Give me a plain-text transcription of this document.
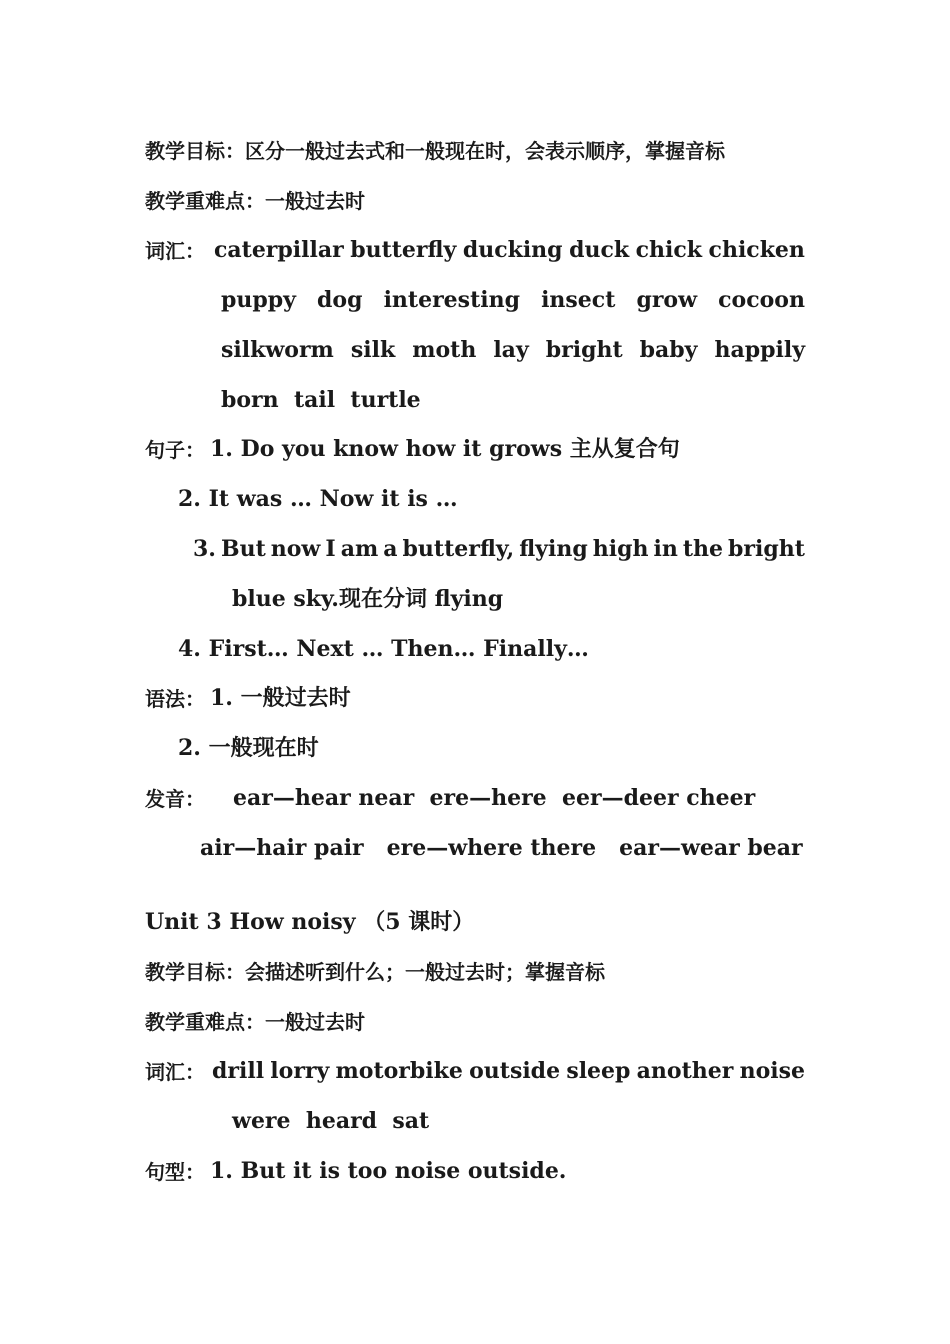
教学目标：区分一般过去式和一般现在时，会表示顺序，掌握音标
教学重难点：一般过去时
词汇： caterpillar butterfly ducking duck chick chicken
puppy dog interesting insect grow cocoon
silkworm silk moth lay bright baby happily
born  tail  turtle
句子： 1. Do you know how it grows 主从复合句
2. It was … Now it is …
3. But now I am a butterfly, flying high in the bright
blue sky.现在分词 flying
4. First… Next … Then… Finally…
语法： 1. 一般过去时
2. 一般现在时
发音： ear—hear near  ere—here  eer—deer cheer
air—hair pair   ere—where there   ear—wear bear
Unit 3 How noisy （5 课时）
教学目标：会描述听到什么；一般过去时；掌握音标
教学重难点：一般过去时
词汇： drill lorry motorbike outside sleep another noise
were  heard  sat
句型： 1. But it is too noise outside.
